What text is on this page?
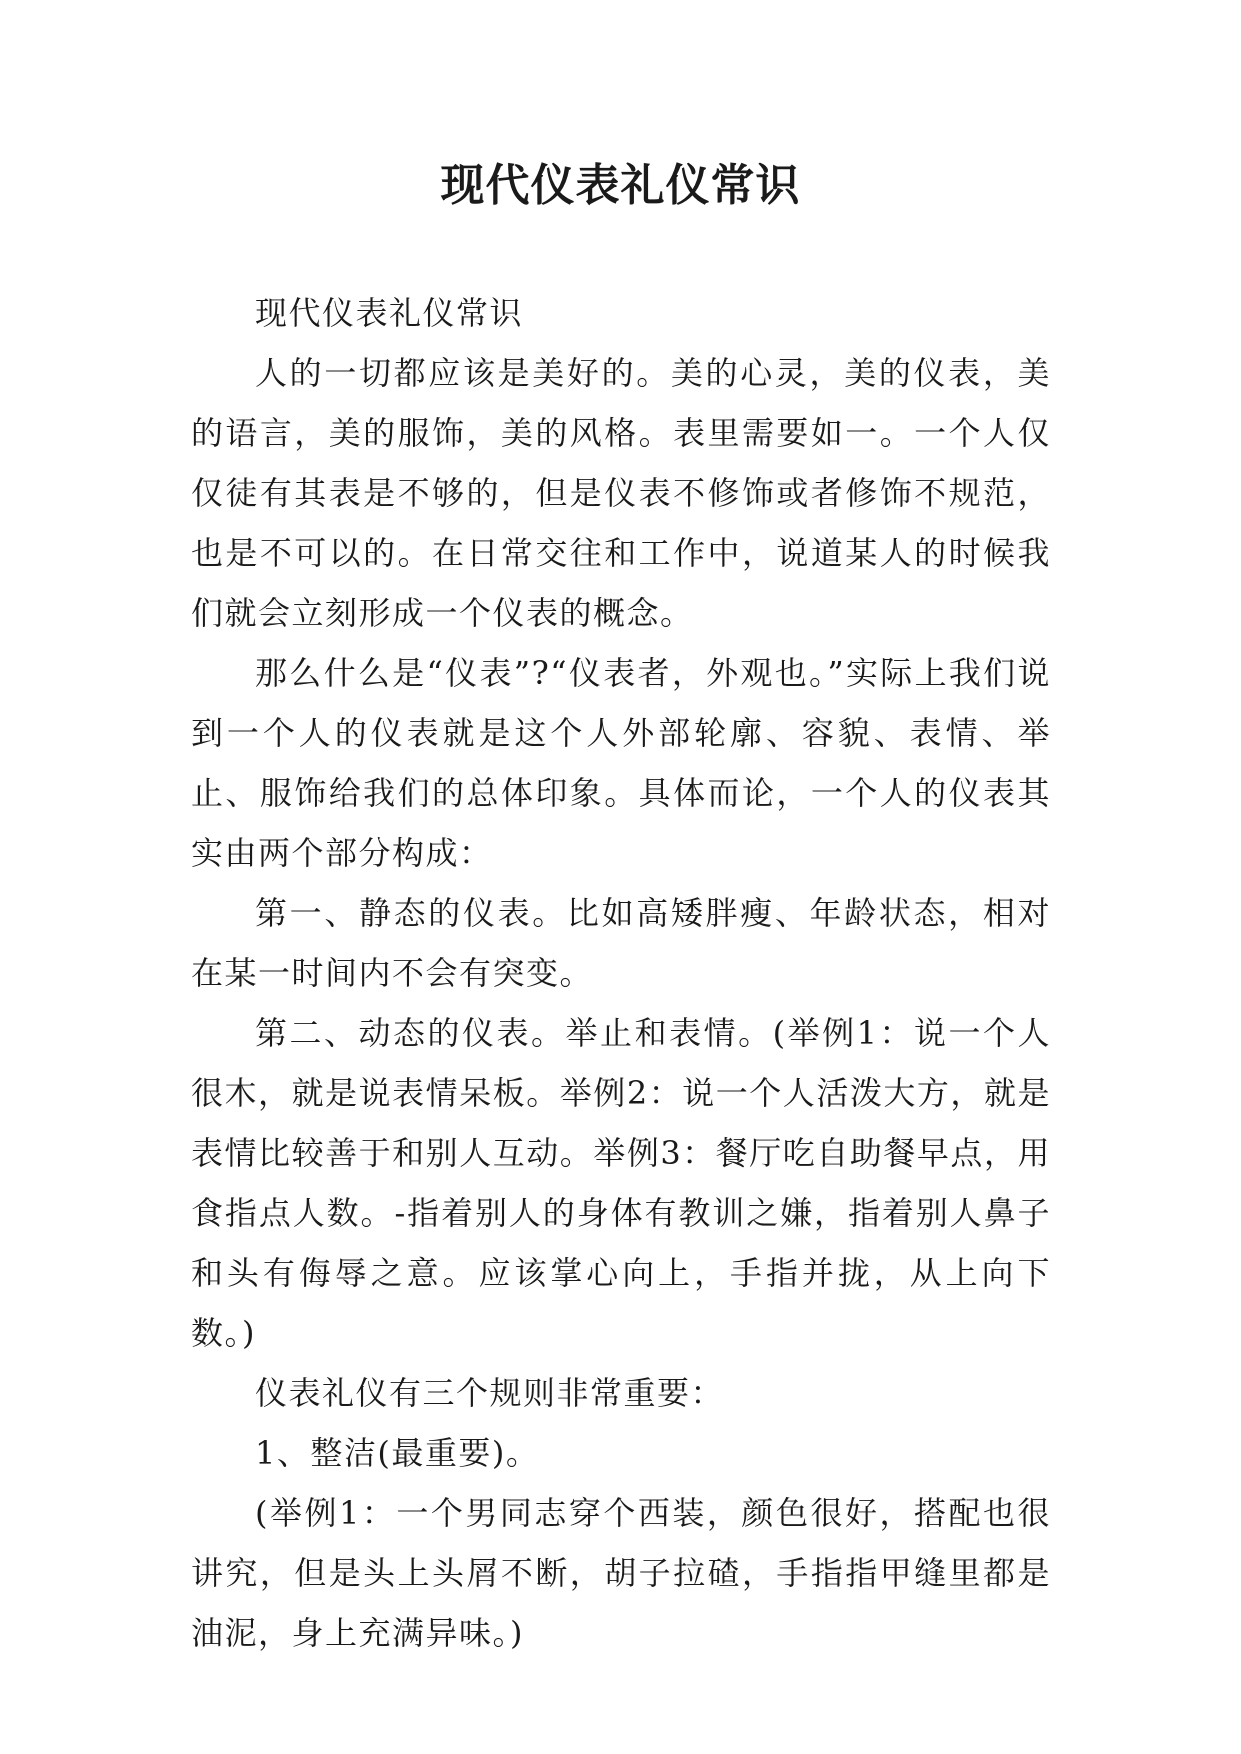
现代仪表礼仪常识

现代仪表礼仪常识

人的一切都应该是美好的。美的心灵，美的仪表，美的语言，美的服饰，美的风格。表里需要如一。一个人仅仅徒有其表是不够的，但是仪表不修饰或者修饰不规范，也是不可以的。在日常交往和工作中，说道某人的时候我们就会立刻形成一个仪表的概念。

那么什么是“仪表”?“仪表者，外观也。”实际上我们说到一个人的仪表就是这个人外部轮廓、容貌、表情、举止、服饰给我们的总体印象。具体而论，一个人的仪表其实由两个部分构成：

第一、静态的仪表。比如高矮胖瘦、年龄状态，相对在某一时间内不会有突变。

第二、动态的仪表。举止和表情。(举例1：说一个人很木，就是说表情呆板。举例2：说一个人活泼大方，就是表情比较善于和别人互动。举例3：餐厅吃自助餐早点，用食指点人数。-指着别人的身体有教训之嫌，指着别人鼻子和头有侮辱之意。应该掌心向上，手指并拢，从上向下数。)

仪表礼仪有三个规则非常重要：

1、整洁(最重要)。

(举例1：一个男同志穿个西装，颜色很好，搭配也很讲究，但是头上头屑不断，胡子拉碴，手指指甲缝里都是油泥，身上充满异味。)
